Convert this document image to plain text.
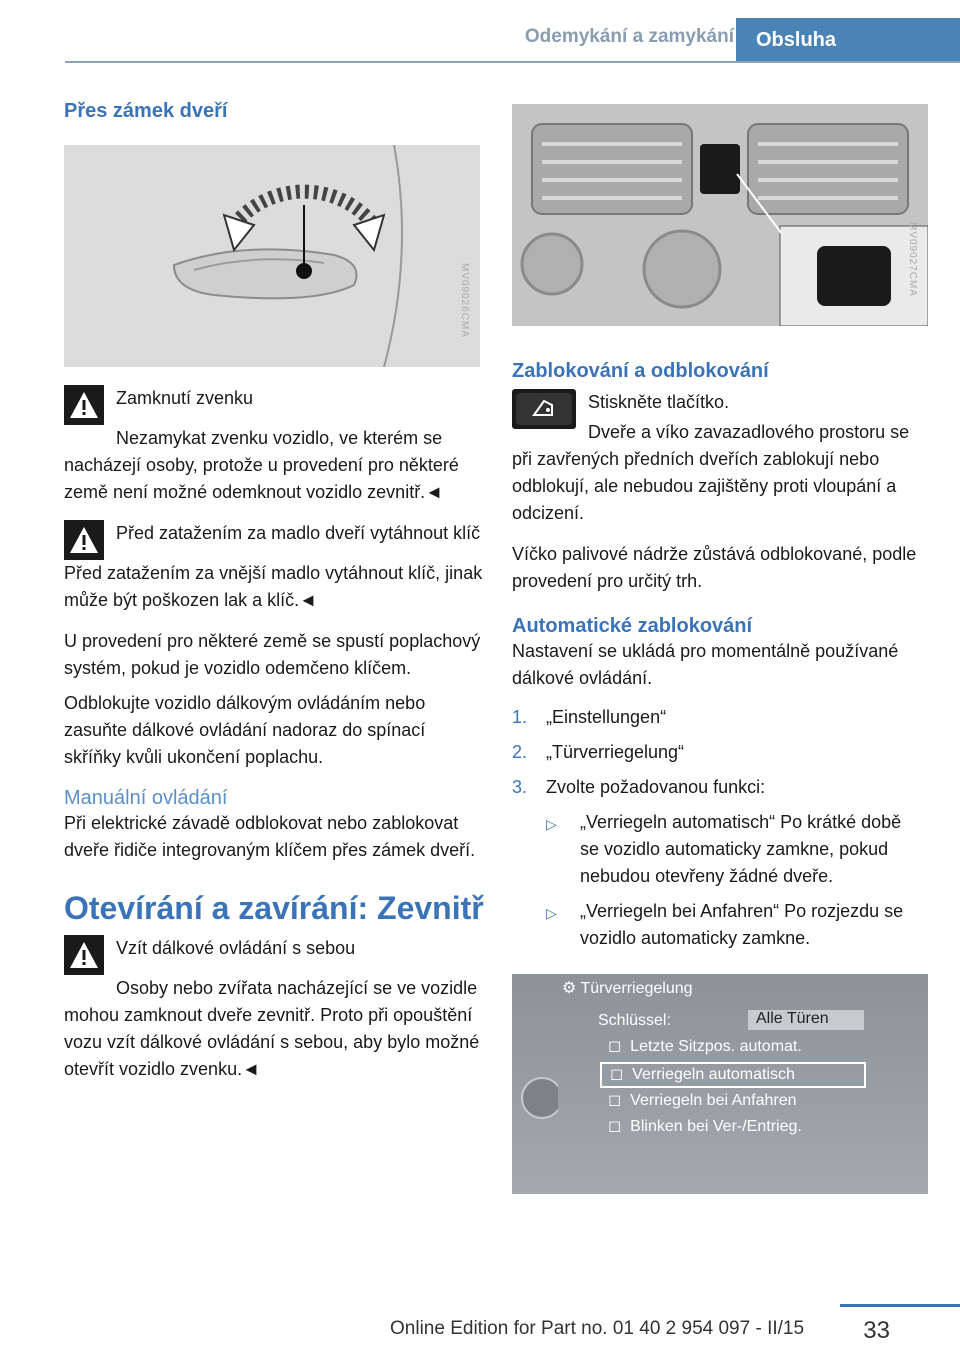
Odemykání a zamykání	Obsluha
Přes zámek dveří
MV09026CMA
Zamknutí zvenku

Nezamykat zvenku vozidlo, ve kterém se nacházejí osoby, protože u provedení pro některé země není možné odemknout vozidlo zevnitř.◄

Před zatažením za madlo dveří vytáhnout klíč

Před zatažením za vnější madlo vytáhnout klíč, jinak může být poškozen lak a klíč.◄

U provedení pro některé země se spustí poplachový systém, pokud je vozidlo odemčeno klíčem.

Odblokujte vozidlo dálkovým ovládáním nebo zasuňte dálkové ovládání nadoraz do spínací skříňky kvůli ukončení poplachu.

Manuální ovládání

Při elektrické závadě odblokovat nebo zablokovat dveře řidiče integrovaným klíčem přes zámek dveří.

Otevírání a zavírání: Zevnitř
Vzít dálkové ovládání s sebou

Osoby nebo zvířata nacházející se ve vozidle mohou zamknout dveře zevnitř. Proto při opouštění vozu vzít dálkové ovládání s sebou, aby bylo možné otevřít vozidlo zvenku.◄

MV09027CMA
Zablokování a odblokování
Stiskněte tlačítko.

Dveře a víko zavazadlového prostoru se při zavřených předních dveřích zablokují nebo odblokují, ale nebudou zajištěny proti vloupání a odcizení.

Víčko palivové nádrže zůstává odblokované, podle provedení pro určitý trh.

Automatické zablokování

Nastavení se ukládá pro momentálně používané dálkové ovládání.

1.	„Einstellungen“
2.	„Türverriegelung“
3.	Zvolte požadovanou funkci:
▷	„Verriegeln automatisch“ Po krátké době se vozidlo automaticky zamkne, pokud nebudou otevřeny žádné dveře.
▷	„Verriegeln bei Anfahren“ Po rozjezdu se vozidlo automaticky zamkne.
⚙ Türverriegelung
Schlüssel:	Alle Türen
◻  Letzte Sitzpos. automat.
◻  Verriegeln automatisch
◻  Verriegeln bei Anfahren
◻  Blinken bei Ver-/Entrieg.
33
Online Edition for Part no. 01 40 2 954 097 - II/15
